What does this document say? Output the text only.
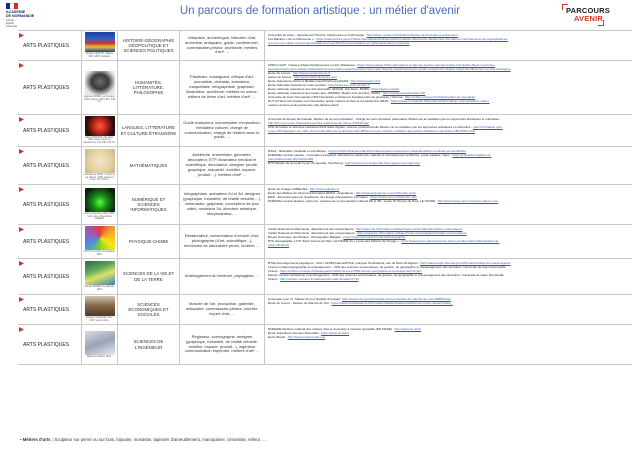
ACADÉMIE
DE NORMANDIE
Liberté
Égalité
Fraternité
Un parcours de formation artistique : un métier d'avenir	PARCOURS
AVENIR
ARTS PLASTIQUES
Alighiero BOETTI, Mappa, 1971-1972, broderie.
HISTOIRE-GÉOGRAPHIE GÉOPOLITIQUE ET SCIENCES POLITIQUES
Urbaniste, archéologue, historien d'art, archiviste, antiquaire, guide, conférencier, commissaire-priseur, architecte, métiers d'art* ...
Université de Caen : département Histoire, Patrimoines et Archéologie : http://uface.unicaen.fr/discipline/histoire-archeologie-et-patrimoine/
Les Masters « Art et Patrimoine » : https://www.culture.gouv.fr/Sites-thematiques/Architecture/Formations-Recherche-Metiers/Les-formations-d-architecte-et-de-paysagiste/Les-
cursus-et-les-diplomes/Les-specialisations-en-architecture/Les-masters-en-partenariat-avec-l-universite
ARTS PLASTIQUES
Auguste RODIN, Le Penseur, 1903, bronze, 180 x 98 x 145 cm.
HUMANITÉS, LITTÉRATURE, PHILOSOPHIE
Plasticien, enseignant, critique d'art, journaliste, cinéaste, animateur, maquettiste, infographiste, graphiste, illustrateur, architecte, métiers en scène, éditeur de livres d'art, métiers d'art*, ...
CPES-CAAP : Classes d'Approfondissement en Arts Plastiques : https://www.onisep.fr/formation/apres-le-bac-les-etudes-superieures/les-principales-filieres-d-etudes-
superieures/les-cpes-classes-preparatoires-aux-etudes-superieures/les-cpes-caap-classes-preparatoires-aux-etudes-superieures-classe-d-approfondissement-en-arts-plastiques
École du Louvre : http://www.ecoledulouvre.fr
Atelier de Sèvres : http://www.atelierdesevres.com
École Supérieure d'Arts et Médias Caen/Cherbourg ESAM : http://www.esam-c2.fr
École Nationale Supérieure Louis Lumière : http://www.ens-louis-lumiere.fr
École nationale supérieure des arts décoratifs, ENSAD, arts Déco, PARIS : https://www.ensad.fr
École nationale supérieure des beaux-arts, (ENSBA), Beaux-Arts de Paris, PARIS : https://www.beauxartsparis.fr/fr
Université de Caen Normandie (UFR Humanités et Sciences Sociales) Arts du spectacle / Cinéma : https://uface.unicaen.fr/discipline/arts-du-spectacle/
DUT la Havre Information-communication option métiers du livre et du patrimoine (MLP) : https://iutelo.normandie.fr/formations/information-communication-option-
metiers-du-livre-et-du-patrimoine-mlp-diplome-bac2
ARTS PLASTIQUES
Mona HATOUM, Hot Spot, 2013, acier, néons et caoutchouc, 172 x 80 x 80 cm.
LANGUES, LITTÉRATURE ET CULTURE ÉTRANGÈRE
Guide traducteur, commissaire d'exposition, médiateur culturel, chargé de communication, chargé de relation avec le public, ...
Université de Rouen Normandie, Métiers de la communication : chargé de communication partenariat, Métiers de la médiation par les approches artistiques et culturelles :
http://lsh.univ-rouen.fr/departement-des-metiers-de-la-culture-278346.kjsp
UFR de lettres et sciences humaines Mont Saint-Aignan, Licence professionnelle Métiers de la médiation par les approches artistiques et culturelles : https://formation.univ-
rouen.fr/fr/catalogue-de-l-offre-de-formation/licence-professionnelle-DP/licence-pro-metiers-mediation-approches-artistiques-culturelles-IJ5KTI6HA.html
ARTS PLASTIQUES
Léonard de VINCI, L'Homme de Vitruve, 1490, plume et encre, 34 x 24 cm.
MATHÉMATIQUES
Architecte, ensemblier, géomètre, décorateur, ETP, illustrateur médical et scientifique, décorateur, designer (mode, graphique, industriel, mobilier, espace, produit ...), métiers d'art* ...
DSAA : Illustration médicale et scientifique : http://medias.lbsikstemedia.fr/formation/etudes-superieures-dsaa-illustration-medicale-et-scientifique
DNMADE mention espace : conception d'espaces valorisant le patrimoine matériel et immatériel des territoires, Lycée Laplace, Caen : https://lcolaplace-laplace.ac-
normandie.fr/spip.php?article466
BTS Métiers de la mode Lycée Tocqueville, Cherbourg : http://www.lycee-tocqueville.fr/enseignement-superieur
ARTS PLASTIQUES
Antony Gormley, Field, 1991, terre cuite, dimensions variables.
NUMÉRIQUE ET SCIENCES INFORMATIQUES
Infographiste, animateur 2d et 3d, designer (graphique, industriel, de réalité virtuelle,...), webmaster, graphiste, concepteur de jeux vidéo, modeleur 3d, directeur artistique, storyboardeur, ...
École de l'image GOBELINS : http://www.gobelins.fr
École des Métiers du Cinéma d'Animation EMCA - Angoulême : http://www.angouleme-emca.fr/fr/index.aspx
EESI - École Européenne Supérieure de l'Image d'Angoulême et Poitiers : https://www.eesi.eu/site/index.php
DNMADE mention Espace, parcours, espaces de communication virtuels 2D et 3D - Lycée St Vincent de Paul, LE HAVRE : http://www.lycee-saint-vincent-le-havre.com/
ARTS PLASTIQUES
GIOTTO, Cercle chromatique, 1910.
PHYSIQUE-CHIMIE
Restaurateur, conservateur d'oeuvre d'art, photographe (d'art, scientifique...), technicien de laboratoire photo, lumière, ...
Institut National du Patrimoine, département des restaurateurs : http://www.inp.fr/formation-initiale/choisir-sa-formation/formation-restaurateurs
Institut National du Patrimoine, département des conservateurs : https://www.inp.fr/formation-initiale/choisir-sa-formation/formation-conservateurs
Brevet Technique des Métiers : Photographe Bailgian : https://www.campus3.fr/metiers/photographie
BTS photographie L.P.P. Saint Vincent de Paul, LE HAVRE dit « Lycée des Métiers de l'Image » : https://www.lycee-saint-vincent-le-havre.com/formations/bts/metiers-de-
photo-distance/
ARTS PLASTIQUES
Claude MONET, Nymphéas, 1916.
SCIENCES DE LA VIE ET DE LA TERRE
Aménagement du territoire, paysagiste, ...
BTSA Aménagements paysagers - CFA / CFPPA Nature/POLE, Campus Horticultural, site de Mont-St-Aignan : http://natusrouple.hbl-campus.fr/formations/bfa/mont-saint-aignan/
Licence matériel géographie et aménagement - UFR des sciences économiques, de gestion, de géographie et d'aménagement des territoires, Université de Caen Normandie
(Caen) : https://uniform.unicaen.fr/catalogue/formation/licence/7682-licence-geographie-et-amenagement?s=&r=
Master mention Urbanisme et aménagement - UFR des sciences économiques, de gestion, de géographie et d'aménagement des territoires, Université de Caen Normandie
(Caen) : http://uniform.unicaen.fr/catalogue/formation/master/7714
ARTS PLASTIQUES
Jacques VILLEGLÉ, Rue, 2017, acier cortex.
SCIENCES ÉCONOMIQUES ET SOCIALES
Marché de l'art, production, galeriste, antiquaire, commissaire-priseur, courtier, expert d'art, ...
Université Lyon III : Master droit et fiscalité du travail : http://www.univ-lyon3.fr/master-droit-et-fiscalite-du-marche-de-l-art-286889.kjsp
École du Louvre : Métiers du Marché de l'Art : https://www.ecoledulouvre.fr/formations/ateliers/ateliers/de/licence-cycle-master/master_
ARTS PLASTIQUES
Bianca LL Babel, 2013.
SCIENCES DE L'INGÉNIEUR
Régisseur, scénographe, designer (graphique, industriel, de réalité virtuelle, mobilier, espace, produit...), ingénieur communication imprimée, métiers d'art* ...
DNMADE Diplôme national des métiers d'art et du design à mention spécialité (DN MADE) : http://www.ac.nrt.fr/
École Supérieure des Arts Décoratifs : https://www.ensad.fr
École Boulle : http://www.ecole-boulle.org
▪ Métiers d'arts : Sculpteur sur pierre ou sur bois, bijoutier, mosaïste, tapissier d'ameublement, maroquinier, céramiste, relieur, ...
